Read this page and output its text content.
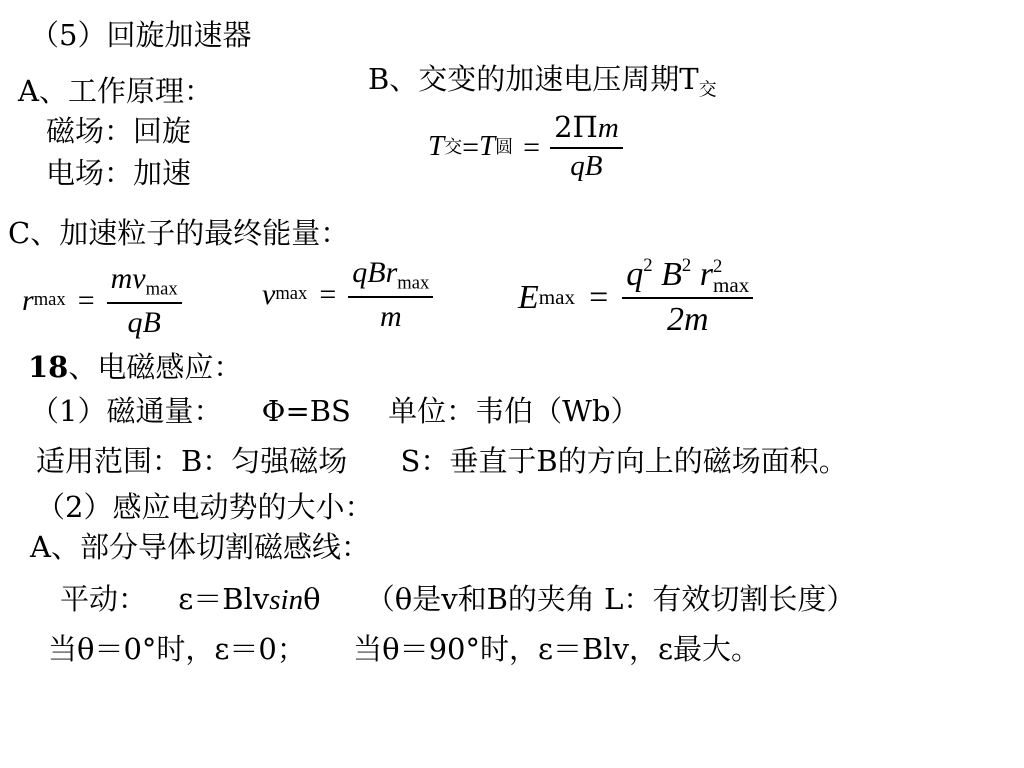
（5）回旋加速器
A、工作原理：
磁场：回旋
电场：加速
B、交变的加速电压周期$T_交$
T 交 = T 圆 = $\frac{2\Pi m}{qB}$
C、加速粒子的最终能量：
r $\max = \frac{mv_{max}}{qB}$	v $\max = \frac{qBr_{max}}{m}$ E $\max = q^2$ $B^2$ r 2
max
2m
18、电磁感应：
（1）磁通量： Φ=BS 单位：韦伯（Wb）
适用范围：B：匀强磁场 S：垂直于B的方向上的磁场面积。
（2）感应电动势的大小：
A、部分导体切割磁感线：
平动： ε＝Blvsinθ （θ是v和B的夹角 L：有效切割长度）
当θ＝0°时，ε＝0； 当θ＝90°时，ε＝Blv，ε最大。
